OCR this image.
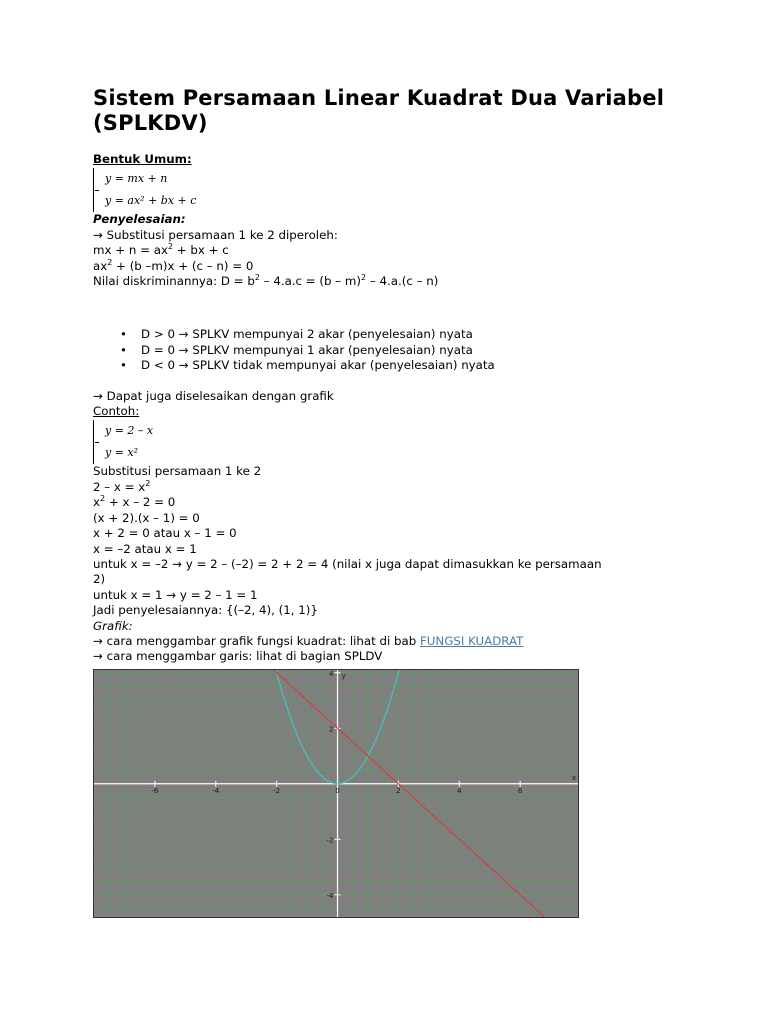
Sistem Persamaan Linear Kuadrat Dua Variabel (SPLKDV)

Bentuk Umum:

y = mx + n
y = ax² + bx + c

Penyelesaian:

→ Substitusi persamaan 1 ke 2 diperoleh:

mx + $n = ax^2$ + bx + c

$ax^2 + (b$ –m)x + (c – n) = 0

Nilai diskriminannya: $D = b^2 - 4.a.c = (b - m)^2 - 4.a.(c - n)$

• D > 0 → SPLKV mempunyai 2 akar (penyelesaian) nyata
• D = 0 → SPLKV mempunyai 1 akar (penyelesaian) nyata
• D < 0 → SPLKV tidak mempunyai akar (penyelesaian) nyata

→ Dapat juga diselesaikan dengan grafik

Contoh:

y = 2 – x
y = x²

Substitusi persamaan 1 ke 2

$2 - x = x^2$

$x^2 + x - 2 = 0$

(x + 2).(x – 1) = 0

x + 2 = 0 atau x – 1 = 0

x = –2 atau x = 1

untuk x = –2 → y = 2 – (–2) = 2 + 2 = 4 (nilai x juga dapat dimasukkan ke persamaan

2)

untuk x = 1 → y = 2 – 1 = 1

Jadi penyelesaiannya: {(–2, 4), (1, 1)}

Grafik:

→ cara menggambar grafik fungsi kuadrat: lihat di bab FUNGSI KUADRAT

→ cara menggambar garis: lihat di bagian SPLDV

-6	-4	-2	0	2	4	6
4
2
-2
-4
x
y
